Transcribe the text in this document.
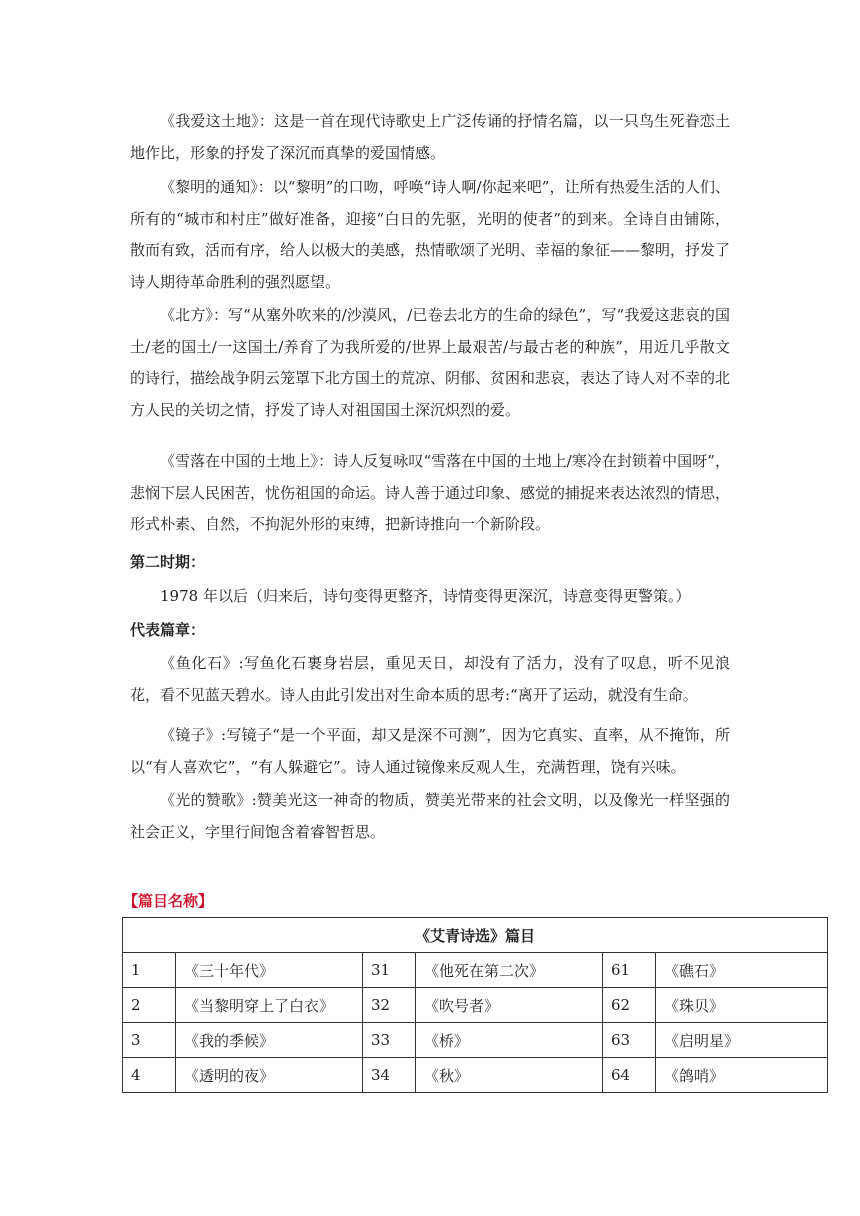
《我爱这土地》：这是一首在现代诗歌史上广泛传诵的抒情名篇，以一只鸟生死眷恋土地作比，形象的抒发了深沉而真挚的爱国情感。

《黎明的通知》：以“黎明”的口吻，呼唤“诗人啊/你起来吧”，让所有热爱生活的人们、所有的“城市和村庄”做好准备，迎接“白日的先驱，光明的使者”的到来。全诗自由铺陈，散而有致，活而有序，给人以极大的美感，热情歌颂了光明、幸福的象征——黎明，抒发了诗人期待革命胜利的强烈愿望。

《北方》：写“从塞外吹来的/沙漠风，/已卷去北方的生命的绿色”，写“我爱这悲哀的国土/老的国土/一这国土/养育了为我所爱的/世界上最艰苦/与最古老的种族”，用近几乎散文的诗行，描绘战争阴云笼罩下北方国土的荒凉、阴郁、贫困和悲哀，表达了诗人对不幸的北方人民的关切之情，抒发了诗人对祖国国土深沉炽烈的爱。

《雪落在中国的土地上》：诗人反复咏叹“雪落在中国的土地上/寒冷在封锁着中国呀”，悲悯下层人民困苦，忧伤祖国的命运。诗人善于通过印象、感觉的捕捉来表达浓烈的情思，形式朴素、自然，不拘泥外形的束缚，把新诗推向一个新阶段。

第二时期：

1978 年以后（归来后，诗句变得更整齐，诗情变得更深沉，诗意变得更警策。）

代表篇章：

《鱼化石》:写鱼化石裹身岩层，重见天日，却没有了活力，没有了叹息，听不见浪花，看不见蓝天碧水。诗人由此引发出对生命本质的思考:“离开了运动，就没有生命。

《镜子》:写镜子“是一个平面，却又是深不可测”，因为它真实、直率，从不掩饰，所以“有人喜欢它”，“有人躲避它”。诗人通过镜像来反观人生，充满哲理，饶有兴味。

《光的赞歌》:赞美光这一神奇的物质，赞美光带来的社会文明，以及像光一样坚强的社会正义，字里行间饱含着睿智哲思。

【篇目名称】
《艾青诗选》篇目					
1	《三十年代》	31	《他死在第二次》	61	《礁石》
2	《当黎明穿上了白衣》	32	《吹号者》	62	《珠贝》
3	《我的季候》	33	《桥》	63	《启明星》
4	《透明的夜》	34	《秋》	64	《鸽哨》
